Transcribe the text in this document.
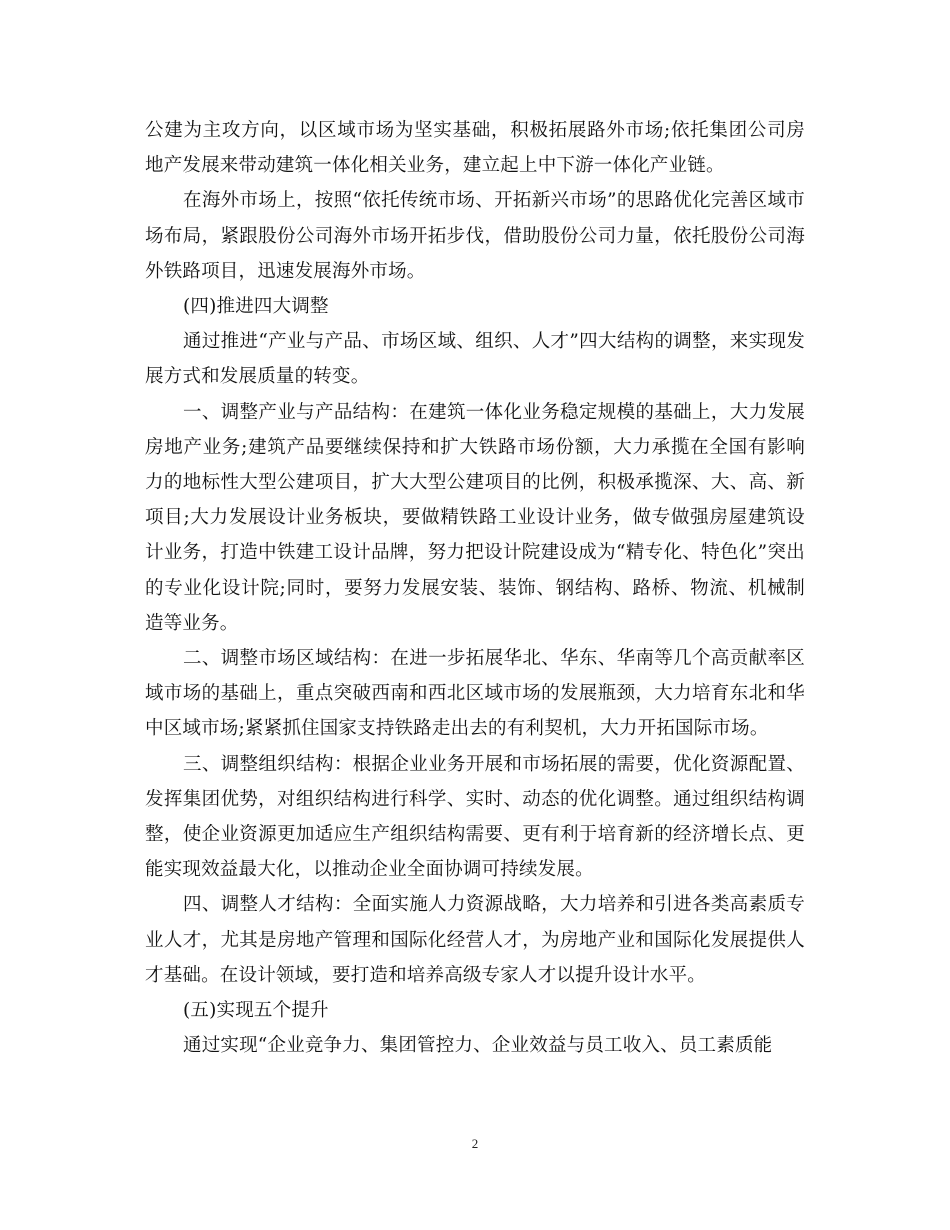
公建为主攻方向，以区域市场为坚实基础，积极拓展路外市场;依托集团公司房地产发展来带动建筑一体化相关业务，建立起上中下游一体化产业链。

在海外市场上，按照“依托传统市场、开拓新兴市场”的思路优化完善区域市场布局，紧跟股份公司海外市场开拓步伐，借助股份公司力量，依托股份公司海外铁路项目，迅速发展海外市场。

(四)推进四大调整

通过推进“产业与产品、市场区域、组织、人才”四大结构的调整，来实现发展方式和发展质量的转变。

一、调整产业与产品结构：在建筑一体化业务稳定规模的基础上，大力发展房地产业务;建筑产品要继续保持和扩大铁路市场份额，大力承揽在全国有影响力的地标性大型公建项目，扩大大型公建项目的比例，积极承揽深、大、高、新项目;大力发展设计业务板块，要做精铁路工业设计业务，做专做强房屋建筑设计业务，打造中铁建工设计品牌，努力把设计院建设成为“精专化、特色化”突出的专业化设计院;同时，要努力发展安装、装饰、钢结构、路桥、物流、机械制造等业务。

二、调整市场区域结构：在进一步拓展华北、华东、华南等几个高贡献率区域市场的基础上，重点突破西南和西北区域市场的发展瓶颈，大力培育东北和华中区域市场;紧紧抓住国家支持铁路走出去的有利契机，大力开拓国际市场。

三、调整组织结构：根据企业业务开展和市场拓展的需要，优化资源配置、发挥集团优势，对组织结构进行科学、实时、动态的优化调整。通过组织结构调整，使企业资源更加适应生产组织结构需要、更有利于培育新的经济增长点、更能实现效益最大化，以推动企业全面协调可持续发展。

四、调整人才结构：全面实施人力资源战略，大力培养和引进各类高素质专业人才，尤其是房地产管理和国际化经营人才，为房地产业和国际化发展提供人才基础。在设计领域，要打造和培养高级专家人才以提升设计水平。

(五)实现五个提升

通过实现“企业竞争力、集团管控力、企业效益与员工收入、员工素质能

2
